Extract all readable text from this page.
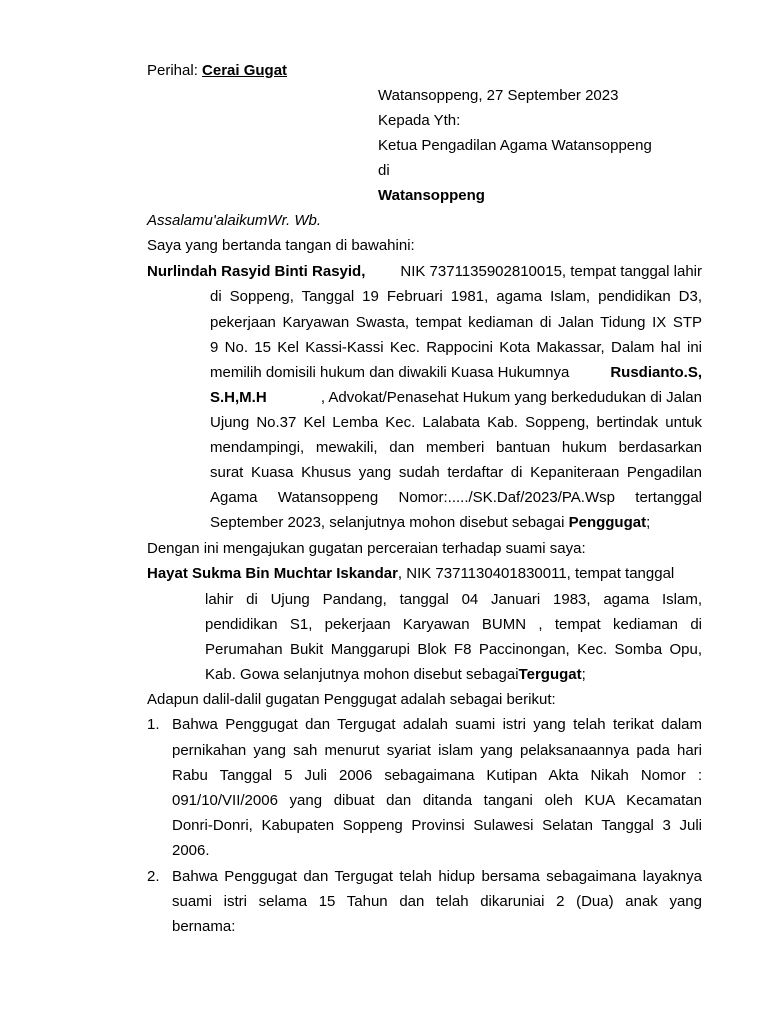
Perihal: Cerai Gugat
Watansoppeng, 27 September 2023
Kepada Yth:
Ketua Pengadilan Agama Watansoppeng
di
Watansoppeng
Assalamu'alaikumWr. Wb.
Saya yang bertanda tangan di bawahini:
Nurlindah Rasyid Binti Rasyid, NIK 7371135902810015, tempat tanggal lahir
di Soppeng, Tanggal 19 Februari 1981, agama Islam, pendidikan D3,
pekerjaan Karyawan Swasta, tempat kediaman di Jalan Tidung IX STP
9 No. 15 Kel Kassi-Kassi Kec. Rappocini Kota Makassar, Dalam hal ini
memilih domisili hukum dan diwakili Kuasa Hukumnya	Rusdianto.S,
S.H,M.H	, Advokat/Penasehat Hukum yang berkedudukan di Jalan
Ujung No.37 Kel Lemba Kec. Lalabata Kab. Soppeng, bertindak untuk
mendampingi, mewakili, dan memberi bantuan hukum berdasarkan
surat Kuasa Khusus yang sudah terdaftar di Kepaniteraan Pengadilan
Agama Watansoppeng Nomor:...../SK.Daf/2023/PA.Wsp tertanggal
September 2023, selanjutnya mohon disebut sebagai Penggugat;
Dengan ini mengajukan gugatan perceraian terhadap suami saya:
Hayat Sukma Bin Muchtar Iskandar, NIK 7371130401830011, tempat tanggal
lahir di Ujung Pandang, tanggal 04 Januari 1983, agama Islam,
pendidikan S1, pekerjaan Karyawan BUMN , tempat kediaman di
Perumahan Bukit Manggarupi Blok F8 Paccinongan, Kec. Somba Opu,
Kab. Gowa selanjutnya mohon disebut sebagaiTergugat;
Adapun dalil-dalil gugatan Penggugat adalah sebagai berikut:
1. Bahwa Penggugat dan Tergugat adalah suami istri yang telah terikat dalam
pernikahan yang sah menurut syariat islam yang pelaksanaannya pada hari
Rabu Tanggal 5 Juli 2006 sebagaimana Kutipan Akta Nikah Nomor :
091/10/VII/2006 yang dibuat dan ditanda tangani oleh KUA Kecamatan
Donri-Donri, Kabupaten Soppeng Provinsi Sulawesi Selatan Tanggal 3 Juli
2006.
2. Bahwa Penggugat dan Tergugat telah hidup bersama sebagaimana layaknya
suami istri selama 15 Tahun dan telah dikaruniai 2 (Dua) anak yang
bernama:
